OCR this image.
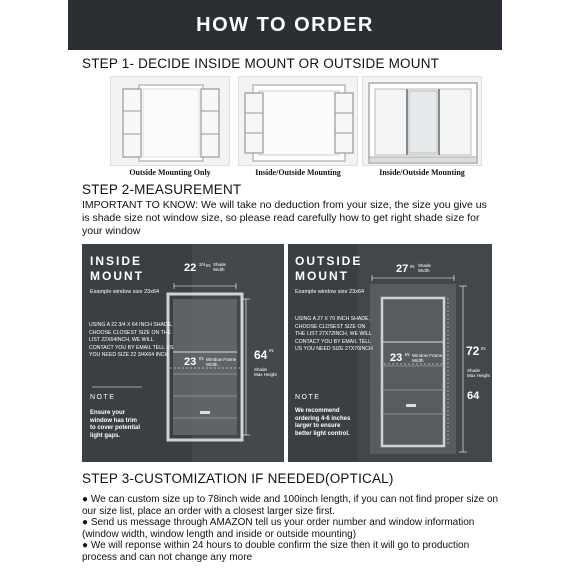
HOW TO ORDER
STEP 1- DECIDE INSIDE MOUNT OR OUTSIDE MOUNT
Outside Mounting Only	Inside/Outside Mounting	Inside/Outside Mounting
STEP 2-MEASUREMENT
IMPORTANT TO KNOW: We will take no deduction from your size, the size you give us is shade size not window size, so please read carefully how to get right shade size for your window
INSIDE
MOUNT
Example window size 23x64
22 3/4 IN Shade
Width
USING A 22 3/4 X 64 INCH SHADE, CHOOSE CLOSEST SIZE ON THE LIST 22X64INCH, WE WILL CONTACT YOU BY EMAIL TELL US YOU NEED SIZE 22 3/4X64 INCH
23 IN Window Frame
Width
64 IN
Shade
Max Height
NOTE
Ensure your window has trim to cover potential light gaps.
OUTSIDE
MOUNT
Example window size 23x64
27 IN Shade
Width
USING A 27 X 70 INCH SHADE, CHOOSE CLOSEST SIZE ON THE LIST 27X72INCH, WE WILL CONTACT YOU BY EMAIL TELL US YOU NEED SIZE 27X70INCH
23 IN Window Frame
Width
72 IN
Shade
Max Height
64
NOTE
We recommend ordering 4-6 inches larger to ensure better light control.
STEP 3-CUSTOMIZATION IF NEEDED(OPTICAL)

● We can custom size up to 78inch wide and 100inch length, if you can not find proper size on our size list, place an order with a closest larger size first.

● Send us message through AMAZON tell us your order number and window information (window width, window length and inside or outside mounting)

● We will reponse within 24 hours to double confirm the size then it will go to production process and can not change any more
